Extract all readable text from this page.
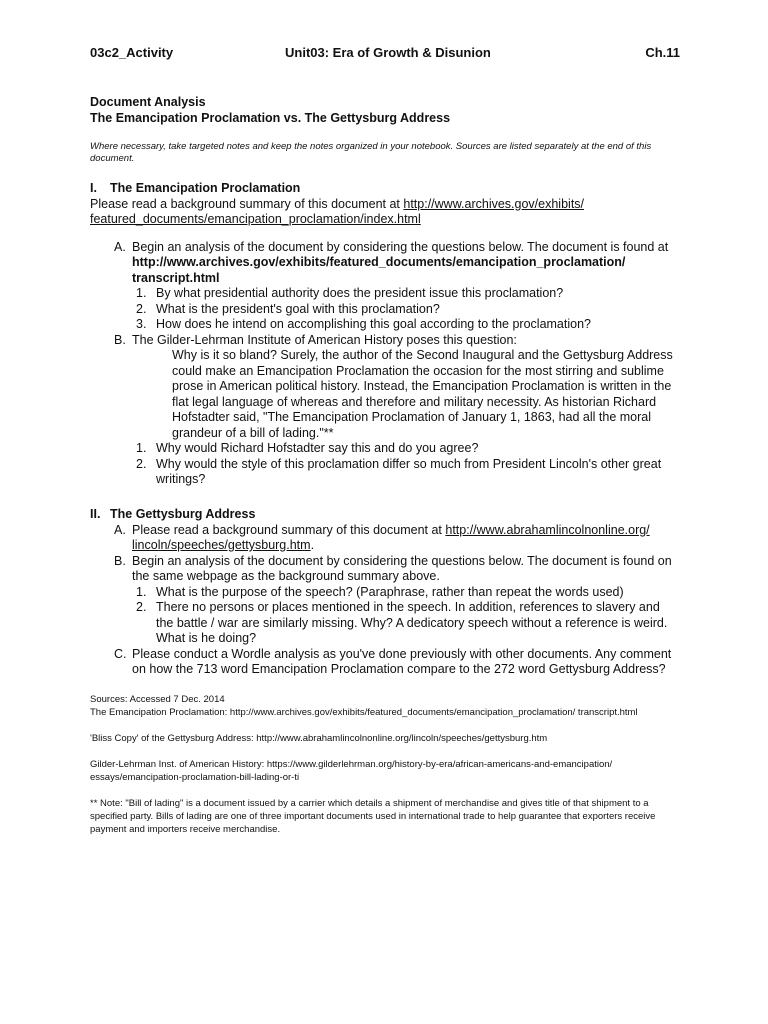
03c2_Activity	Unit03: Era of Growth & Disunion	Ch.11
Document Analysis
The Emancipation Proclamation vs. The Gettysburg Address
Where necessary, take targeted notes and keep the notes organized in your notebook. Sources are listed separately at the end of this document.
I. The Emancipation Proclamation
Please read a background summary of this document at http://www.archives.gov/exhibits/
featured_documents/emancipation_proclamation/index.html
A. Begin an analysis of the document by considering the questions below. The document is found at
http://www.archives.gov/exhibits/featured_documents/emancipation_proclamation/
transcript.html
1. By what presidential authority does the president issue this proclamation?
2. What is the president's goal with this proclamation?
3. How does he intend on accomplishing this goal according to the proclamation?
B. The Gilder-Lehrman Institute of American History poses this question:
Why is it so bland? Surely, the author of the Second Inaugural and the Gettysburg Address could make an Emancipation Proclamation the occasion for the most stirring and sublime prose in American political history. Instead, the Emancipation Proclamation is written in the flat legal language of whereas and therefore and military necessity. As historian Richard Hofstadter said, "The Emancipation Proclamation of January 1, 1863, had all the moral grandeur of a bill of lading."**
1. Why would Richard Hofstadter say this and do you agree?
2. Why would the style of this proclamation differ so much from President Lincoln's other great writings?
II. The Gettysburg Address
A. Please read a background summary of this document at http://www.abrahamlincolnonline.org/
lincoln/speeches/gettysburg.htm.
B. Begin an analysis of the document by considering the questions below. The document is found on the same webpage as the background summary above.
1. What is the purpose of the speech? (Paraphrase, rather than repeat the words used)
2. There no persons or places mentioned in the speech. In addition, references to slavery and the battle / war are similarly missing. Why? A dedicatory speech without a reference is weird. What is he doing?
C. Please conduct a Wordle analysis as you've done previously with other documents. Any comment on how the 713 word Emancipation Proclamation compare to the 272 word Gettysburg Address?
Sources: Accessed 7 Dec. 2014

The Emancipation Proclamation: http://www.archives.gov/exhibits/featured_documents/emancipation_proclamation/ transcript.html

'Bliss Copy' of the Gettysburg Address: http://www.abrahamlincolnonline.org/lincoln/speeches/gettysburg.htm

Gilder-Lehrman Inst. of American History: https://www.gilderlehrman.org/history-by-era/african-americans-and-emancipation/ essays/emancipation-proclamation-bill-lading-or-ti

** Note: "Bill of lading" is a document issued by a carrier which details a shipment of merchandise and gives title of that shipment to a specified party. Bills of lading are one of three important documents used in international trade to help guarantee that exporters receive payment and importers receive merchandise.
